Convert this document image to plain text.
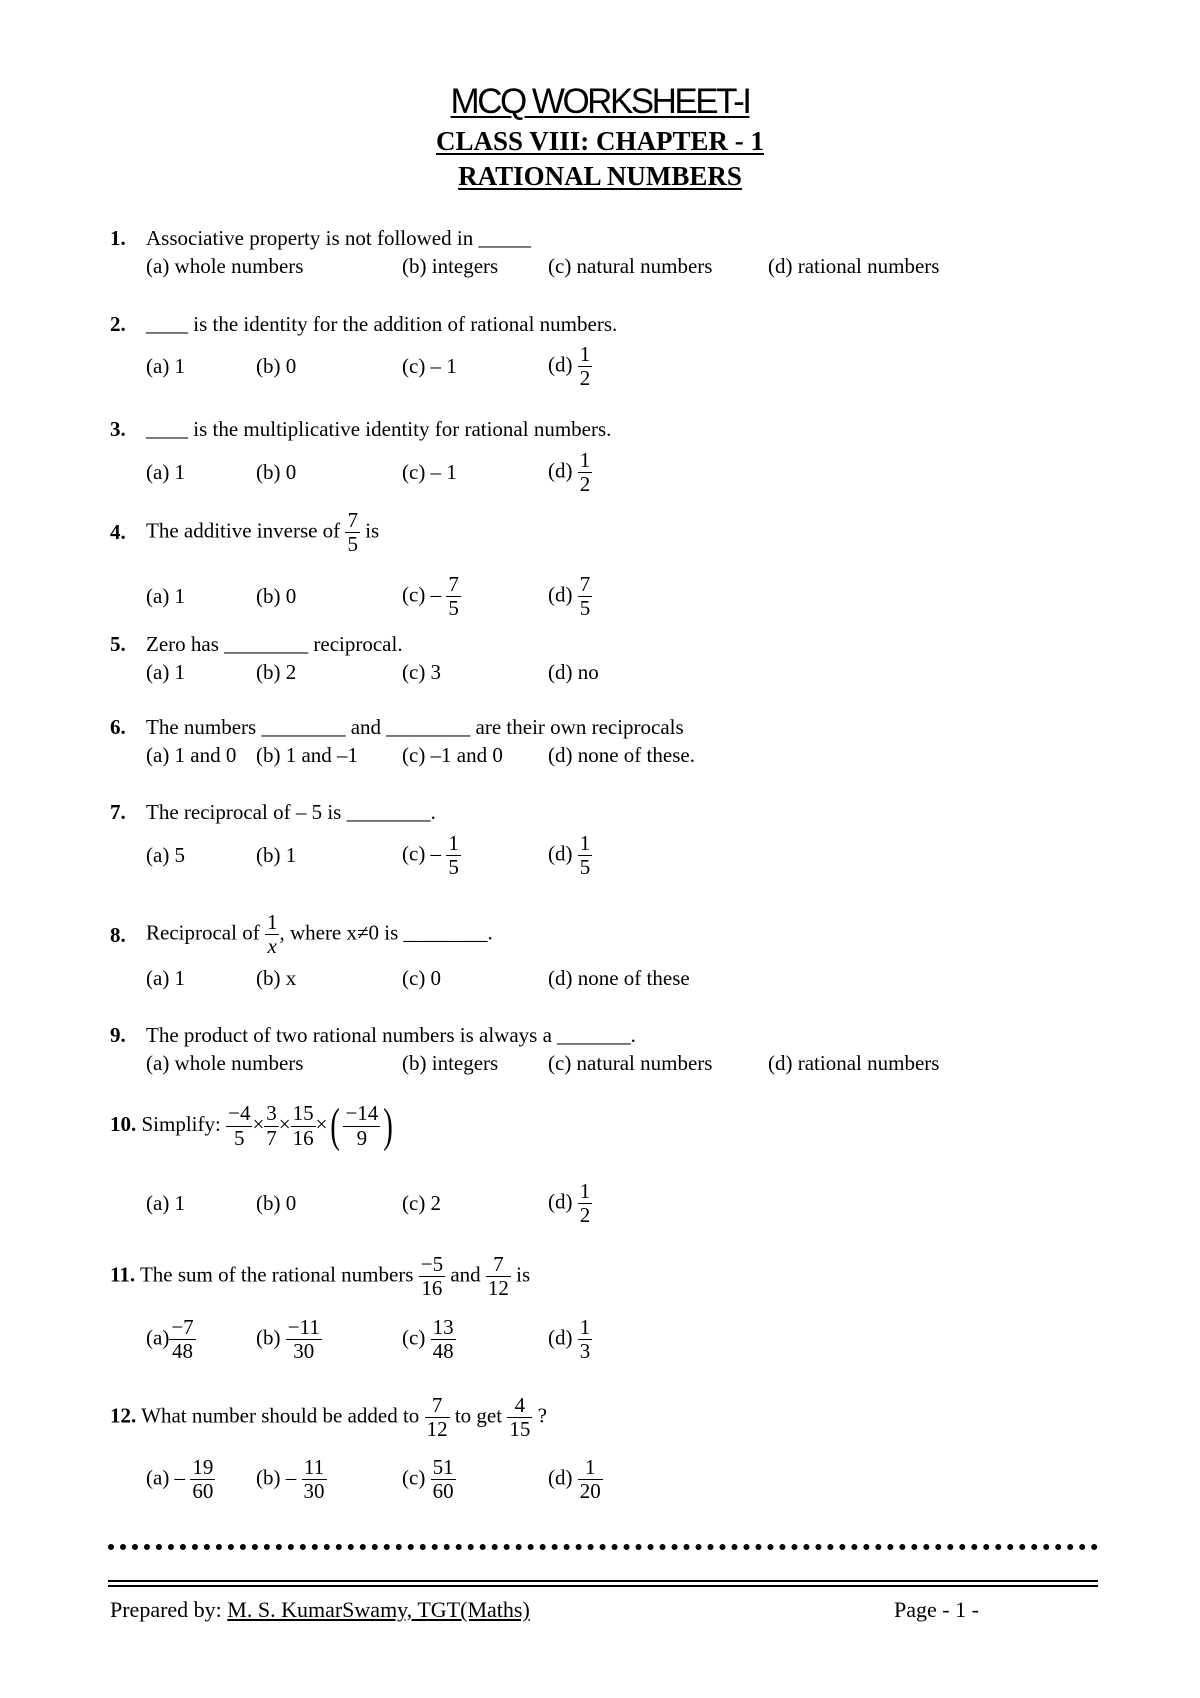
MCQ WORKSHEET-I
CLASS VIII: CHAPTER - 1
RATIONAL NUMBERS
1. Associative property is not followed in _____
(a) whole numbers	(b) integers (c) natural numbers	(d) rational numbers
2. ____ is the identity for the addition of rational numbers.
(a) 1	(b) 0	(c) – 1	$(d) \frac{1}{2}$
3. ____ is the multiplicative identity for rational numbers.
(a) 1	(b) 0	(c) – 1	$(d) \frac{1}{2}$
4. The additive inverse of $\frac{7}{5}$ is
(a) 1	(b) 0	$(c) - \frac{7}{5}$	$(d) \frac{7}{5}$
5. Zero has ________ reciprocal.
(a) 1	(b) 2	(c) 3	(d) no
6. The numbers ________ and ________ are their own reciprocals
(a) 1 and 0 (b) 1 and –1 (c) –1 and 0 (d) none of these.
7. The reciprocal of – 5 is ________.
(a) 5	(b) 1	$(c) - \frac{1}{5}$	$(d) \frac{1}{5}$
8. Reciprocal of $\frac{1}{x}$ , where x≠0 is ________.
(a) 1	(b) x	(c) 0	(d) none of these
9. The product of two rational numbers is always a _______.
(a) whole numbers	(b) integers (c) natural numbers	(d) rational numbers
10. Simplify: $\frac{-4}{5} \times \frac{3}{7} \times \frac{15}{16}$ ×( $\frac{-14}{9}$ )
(a) 1	(b) 0	(c) 2	$(d) \frac{1}{2}$
11. The sum of the rational numbers $\frac{-5}{16}$ and $\frac{7}{12}$ is
$(a) \frac{-7}{48}$	$(b) \frac{-11}{30}$	$(c) \frac{13}{48}$	$(d) \frac{1}{3}$
12. What number should be added to $\frac{7}{12}$ to get $\frac{4}{15}$ ?
$(a) - \frac{19}{60} (b) - \frac{11}{30}$	$(c) \frac{51}{60}$	$(d) \frac{1}{20}$
Prepared by: M. S. KumarSwamy, TGT(Maths)	Page - 1 -
